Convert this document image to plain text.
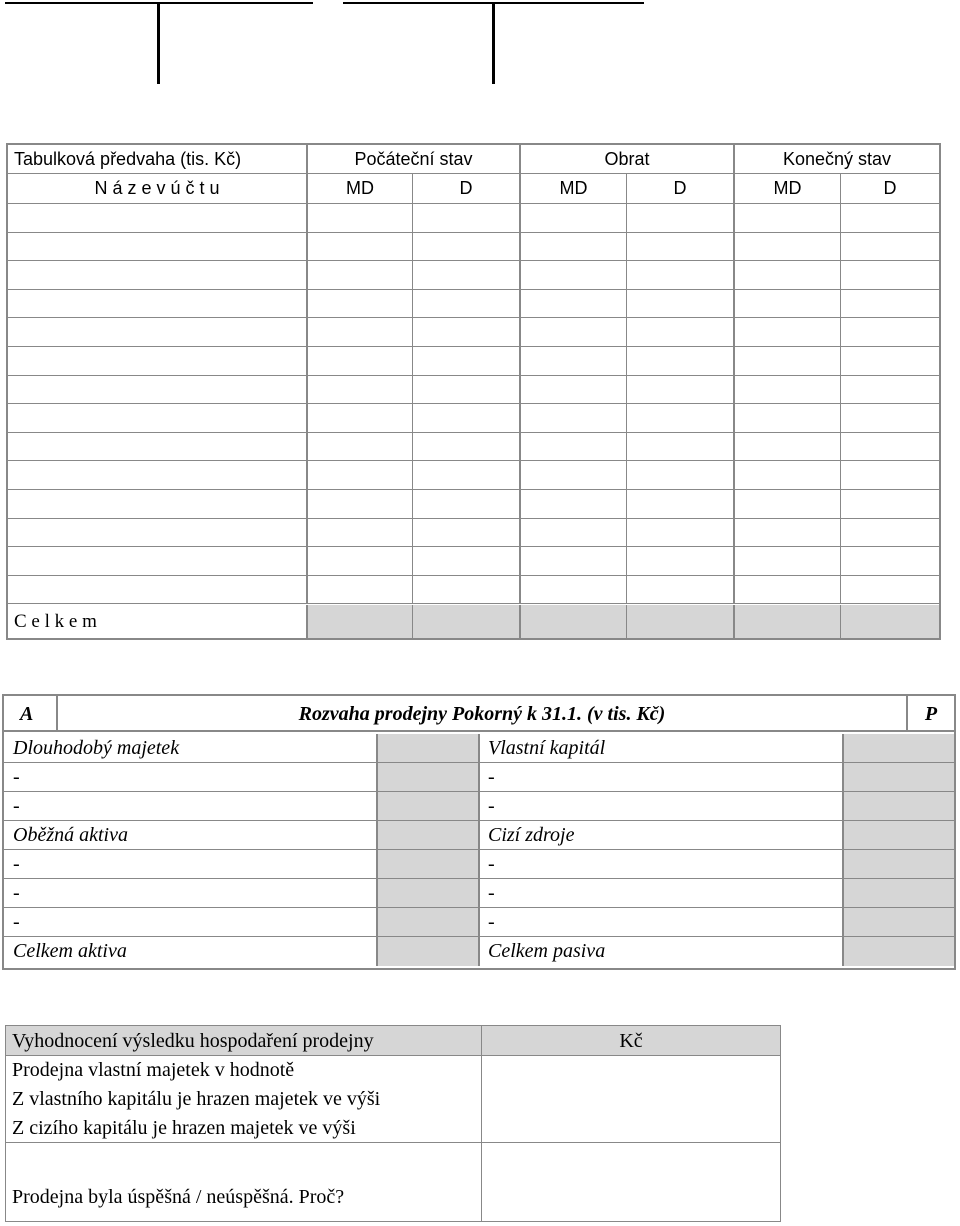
Tabulková předvaha (tis. Kč)	Počáteční stav	Obrat	Konečný stav
N á z e v ú č t u	MD	D	MD	D	MD	D
C e l k e m
A	Rozvaha prodejny Pokorný k 31.1. (v tis. Kč)	P
Dlouhodobý majetek	Vlastní kapitál
-	-
-	-
Oběžná aktiva	Cizí zdroje
-	-
-	-
-	-
Celkem aktiva	Celkem pasiva
Vyhodnocení výsledku hospodaření prodejny	Kč
Prodejna vlastní majetek v hodnotě
Z vlastního kapitálu je hrazen majetek ve výši
Z cizího kapitálu je hrazen majetek ve výši
Prodejna byla úspěšná / neúspěšná. Proč?
